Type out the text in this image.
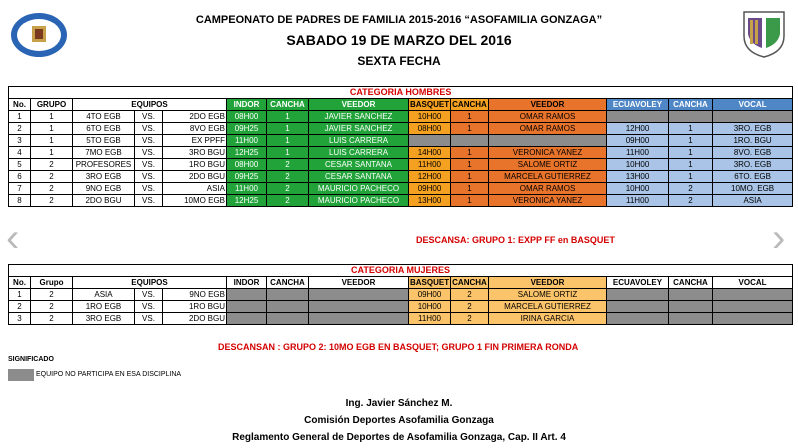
CAMPEONATO DE PADRES DE FAMILIA 2015-2016 “ASOFAMILIA GONZAGA”
SABADO 19 DE MARZO DEL 2016
SEXTA FECHA
CATEGORIA HOMBRES													
No.	GRUPO	EQUIPOS			INDOR	CANCHA	VEEDOR	BASQUET	CANCHA	VEEDOR	ECUAVOLEY	CANCHA	VOCAL
1	1	4TO EGB	VS.	2DO EGB	08H00	1	JAVIER SANCHEZ	10H00	1	OMAR RAMOS			
2	1	6TO EGB	VS.	8VO EGB	09H25	1	JAVIER SANCHEZ	08H00	1	OMAR RAMOS	12H00	1	3RO. EGB
3	1	5TO EGB	VS.	EX PPFF	11H00	1	LUIS CARRERA				09H00	1	1RO. BGU
4	1	7MO EGB	VS.	3RO BGU	12H25	1	LUIS CARRERA	14H00	1	VERONICA YANEZ	11H00	1	8VO. EGB
5	2	PROFESORES	VS.	1RO BGU	08H00	2	CESAR SANTANA	11H00	1	SALOME ORTIZ	10H00	1	3RO. EGB
6	2	3RO EGB	VS.	2DO BGU	09H25	2	CESAR SANTANA	12H00	1	MARCELA GUTIERREZ	13H00	1	6TO. EGB
7	2	9NO EGB	VS.	ASIA	11H00	2	MAURICIO PACHECO	09H00	1	OMAR RAMOS	10H00	2	10MO. EGB
8	2	2DO BGU	VS.	10MO EGB	12H25	2	MAURICIO PACHECO	13H00	1	VERONICA YANEZ	11H00	2	ASIA
DESCANSA: GRUPO 1: EXPP FF en BASQUET
CATEGORIA MUJERES													
No.	Grupo	EQUIPOS			INDOR	CANCHA	VEEDOR	BASQUET	CANCHA	VEEDOR	ECUAVOLEY	CANCHA	VOCAL
1	2	ASIA	VS.	9NO EGB				09H00	2	SALOME ORTIZ			
2	2	1RO EGB	VS.	1RO BGU				10H00	2	MARCELA GUTIERREZ			
3	2	3RO EGB	VS.	2DO BGU				11H00	2	IRINA GARCIA			
DESCANSAN : GRUPO 2: 10MO EGB EN BASQUET; GRUPO 1 FIN PRIMERA RONDA
SIGNIFICADO
EQUIPO NO PARTICIPA EN ESA DISCIPLINA
Ing. Javier Sánchez M.
Comisión Deportes Asofamilia Gonzaga
Reglamento General de Deportes de Asofamilia Gonzaga, Cap. II Art. 4
‹	›
